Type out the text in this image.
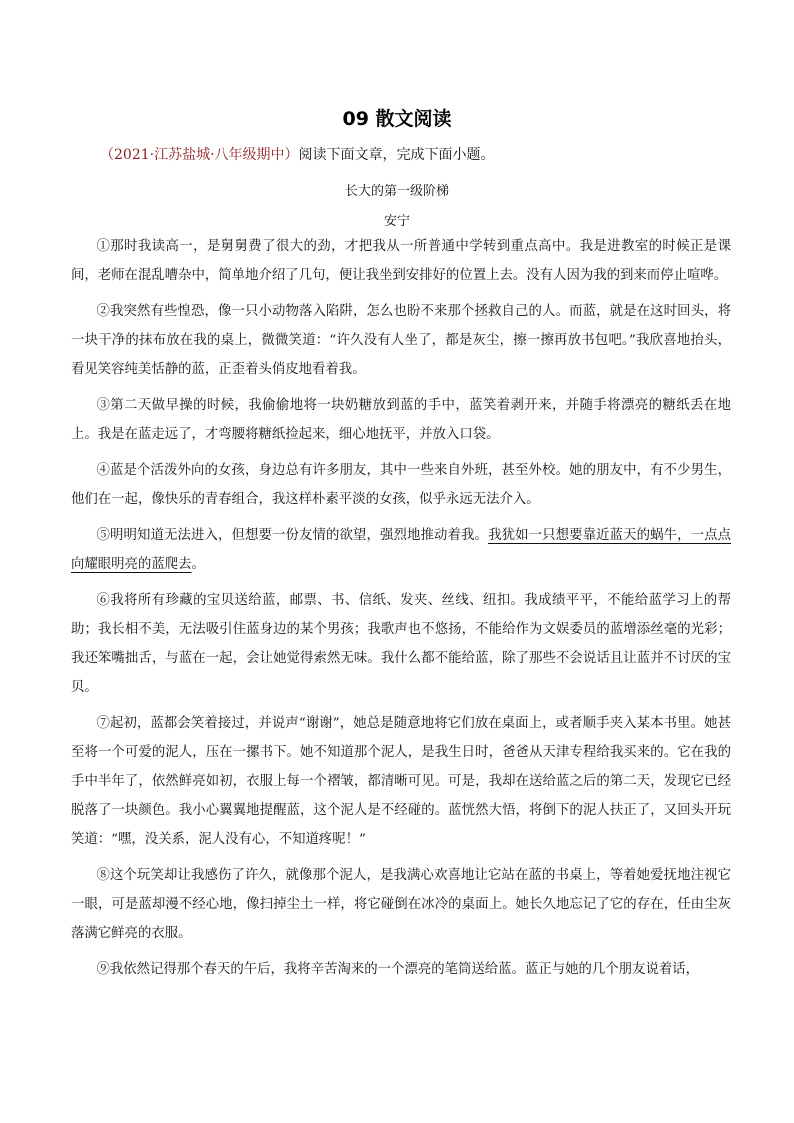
09 散文阅读
（2021·江苏盐城·八年级期中）阅读下面文章，完成下面小题。
长大的第一级阶梯
安宁

①那时我读高一，是舅舅费了很大的劲，才把我从一所普通中学转到重点高中。我是进教室的时候正是课间，老师在混乱嘈杂中，简单地介绍了几句，便让我坐到安排好的位置上去。没有人因为我的到来而停止喧哗。

②我突然有些惶恐，像一只小动物落入陷阱，怎么也盼不来那个拯救自己的人。而蓝，就是在这时回头，将一块干净的抹布放在我的桌上，微微笑道：“许久没有人坐了，都是灰尘，擦一擦再放书包吧。”我欣喜地抬头，看见笑容纯美恬静的蓝，正歪着头俏皮地看着我。

③第二天做早操的时候，我偷偷地将一块奶糖放到蓝的手中，蓝笑着剥开来，并随手将漂亮的糖纸丢在地上。我是在蓝走远了，才弯腰将糖纸捡起来，细心地抚平，并放入口袋。

④蓝是个活泼外向的女孩，身边总有许多朋友，其中一些来自外班，甚至外校。她的朋友中，有不少男生，他们在一起，像快乐的青春组合，我这样朴素平淡的女孩，似乎永远无法介入。

⑤明明知道无法进入，但想要一份友情的欲望，强烈地推动着我。我犹如一只想要靠近蓝天的蜗牛，一点点向耀眼明亮的蓝爬去。

⑥我将所有珍藏的宝贝送给蓝，邮票、书、信纸、发夹、丝线、纽扣。我成绩平平，不能给蓝学习上的帮助；我长相不美，无法吸引住蓝身边的某个男孩；我歌声也不悠扬，不能给作为文娱委员的蓝增添丝毫的光彩；我还笨嘴拙舌，与蓝在一起，会让她觉得索然无味。我什么都不能给蓝，除了那些不会说话且让蓝并不讨厌的宝贝。

⑦起初，蓝都会笑着接过，并说声“谢谢”，她总是随意地将它们放在桌面上，或者顺手夹入某本书里。她甚至将一个可爱的泥人，压在一摞书下。她不知道那个泥人，是我生日时，爸爸从天津专程给我买来的。它在我的手中半年了，依然鲜亮如初，衣服上每一个褶皱，都清晰可见。可是，我却在送给蓝之后的第二天，发现它已经脱落了一块颜色。我小心翼翼地提醒蓝，这个泥人是不经碰的。蓝恍然大悟，将倒下的泥人扶正了，又回头开玩笑道：“嘿，没关系，泥人没有心，不知道疼呢！”

⑧这个玩笑却让我感伤了许久，就像那个泥人，是我满心欢喜地让它站在蓝的书桌上，等着她爱抚地注视它一眼，可是蓝却漫不经心地，像扫掉尘土一样，将它碰倒在冰冷的桌面上。她长久地忘记了它的存在，任由尘灰落满它鲜亮的衣服。

⑨我依然记得那个春天的午后，我将辛苦淘来的一个漂亮的笔筒送给蓝。蓝正与她的几个朋友说着话，
